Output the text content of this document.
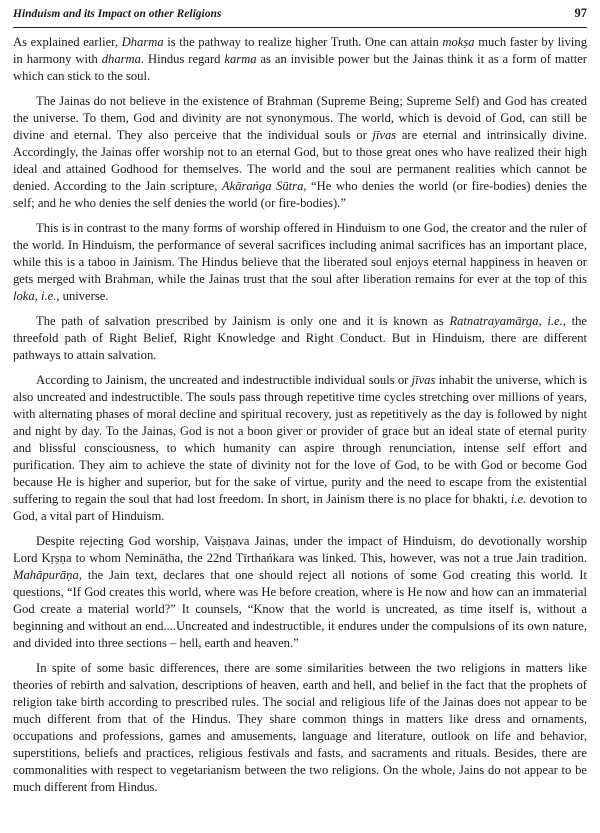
Hinduism and its Impact on other Religions	97

As explained earlier, Dharma is the pathway to realize higher Truth. One can attain mokṣa much faster by living in harmony with dharma. Hindus regard karma as an invisible power but the Jainas think it as a form of matter which can stick to the soul.

The Jainas do not believe in the existence of Brahman (Supreme Being; Supreme Self) and God has created the universe. To them, God and divinity are not synonymous. The world, which is devoid of God, can still be divine and eternal. They also perceive that the individual souls or jīvas are eternal and intrinsically divine. Accordingly, the Jainas offer worship not to an eternal God, but to those great ones who have realized their high ideal and attained Godhood for themselves. The world and the soul are permanent realities which cannot be denied. According to the Jain scripture, Akārańga Sūtra, “He who denies the world (or fire-bodies) denies the self; and he who denies the self denies the world (or fire-bodies).”

This is in contrast to the many forms of worship offered in Hinduism to one God, the creator and the ruler of the world. In Hinduism, the performance of several sacrifices including animal sacrifices has an important place, while this is a taboo in Jainism. The Hindus believe that the liberated soul enjoys eternal happiness in heaven or gets merged with Brahman, while the Jainas trust that the soul after liberation remains for ever at the top of this loka, i.e., universe.

The path of salvation prescribed by Jainism is only one and it is known as Ratnatrayamārga, i.e., the threefold path of Right Belief, Right Knowledge and Right Conduct. But in Hinduism, there are different pathways to attain salvation.

According to Jainism, the uncreated and indestructible individual souls or jīvas inhabit the universe, which is also uncreated and indestructible. The souls pass through repetitive time cycles stretching over millions of years, with alternating phases of moral decline and spiritual recovery, just as repetitively as the day is followed by night and night by day. To the Jainas, God is not a boon giver or provider of grace but an ideal state of eternal purity and blissful consciousness, to which humanity can aspire through renunciation, intense self effort and purification. They aim to achieve the state of divinity not for the love of God, to be with God or become God because He is higher and superior, but for the sake of virtue, purity and the need to escape from the existential suffering to regain the soul that had lost freedom. In short, in Jainism there is no place for bhakti, i.e. devotion to God, a vital part of Hinduism.

Despite rejecting God worship, Vaiṣṇava Jainas, under the impact of Hinduism, do devotionally worship Lord Kṛṣṇa to whom Neminātha, the 22nd Tīrthańkara was linked. This, however, was not a true Jain tradition. Mahāpurāṇa, the Jain text, declares that one should reject all notions of some God creating this world. It questions, “If God creates this world, where was He before creation, where is He now and how can an immaterial God create a material world?” It counsels, “Know that the world is uncreated, as time itself is, without a beginning and without an end....Uncreated and indestructible, it endures under the compulsions of its own nature, and divided into three sections – hell, earth and heaven.”

In spite of some basic differences, there are some similarities between the two religions in matters like theories of rebirth and salvation, descriptions of heaven, earth and hell, and belief in the fact that the prophets of religion take birth according to prescribed rules. The social and religious life of the Jainas does not appear to be much different from that of the Hindus. They share common things in matters like dress and ornaments, occupations and professions, games and amusements, language and literature, outlook on life and behavior, superstitions, beliefs and practices, religious festivals and fasts, and sacraments and rituals. Besides, there are commonalities with respect to vegetarianism between the two religions. On the whole, Jains do not appear to be much different from Hindus.
